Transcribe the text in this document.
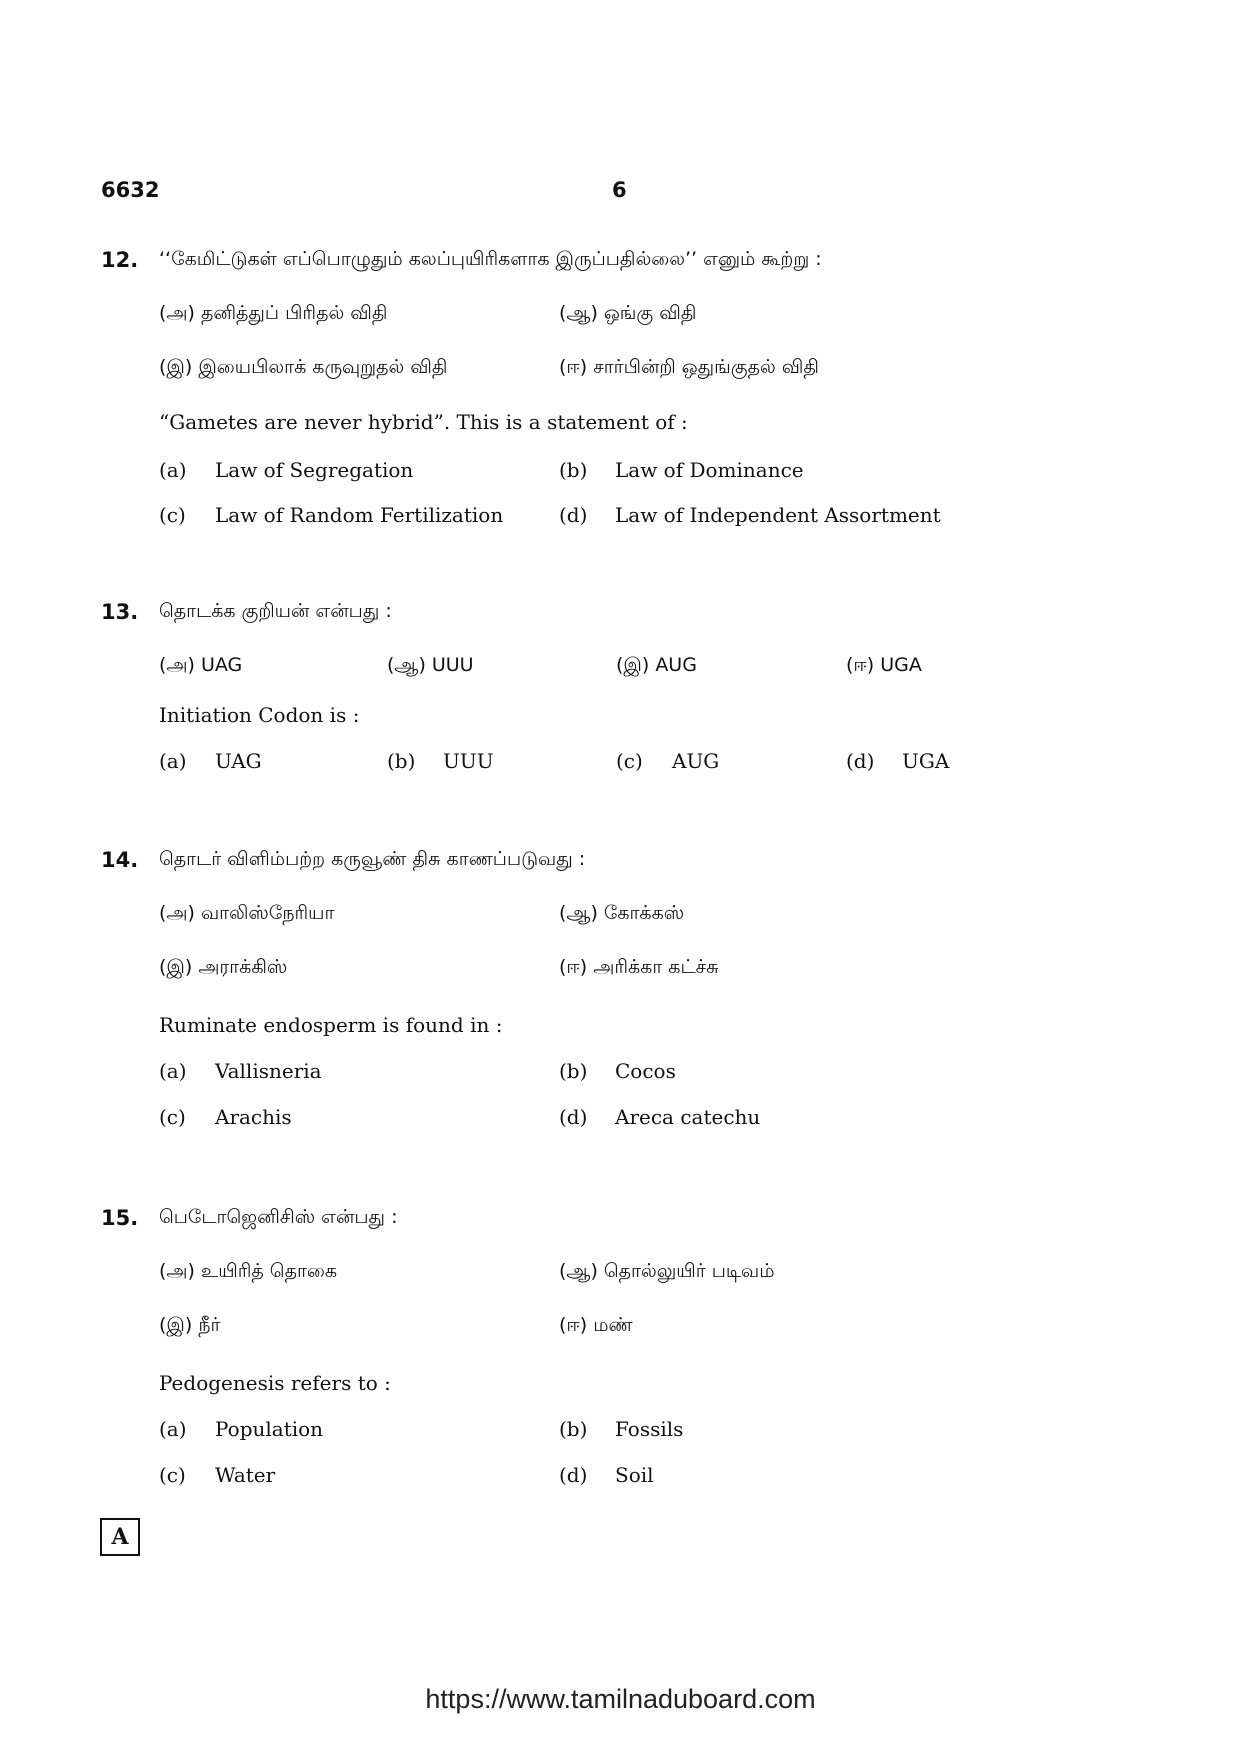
6632	6
12. ‘‘கேமிட்டுகள் எப்பொழுதும் கலப்புயிரிகளாக இருப்பதில்லை’’ எனும் கூற்று :
(அ) தனித்துப் பிரிதல் விதி	(ஆ) ஒங்கு விதி
(இ) இயைபிலாக் கருவுறுதல் விதி	(ஈ) சார்பின்றி ஒதுங்குதல் விதி
“Gametes are never hybrid”. This is a statement of :
(a) Law of Segregation	(b) Law of Dominance
(c) Law of Random Fertilization	(d) Law of Independent Assortment
13. தொடக்க குறியன் என்பது :
(அ) UAG	(ஆ) UUU	(இ) AUG	(ஈ) UGA
Initiation Codon is :
(a) UAG	(b) UUU	(c) AUG	(d) UGA
14. தொடர் விளிம்பற்ற கருவூண் திசு காணப்படுவது :
(அ) வாலிஸ்நேரியா	(ஆ) கோக்கஸ்
(இ) அராக்கிஸ்	(ஈ) அரிக்கா கட்ச்சு
Ruminate endosperm is found in :
(a) Vallisneria	(b) Cocos
(c) Arachis	(d) Areca catechu
15. பெடோஜெனிசிஸ் என்பது :
(அ) உயிரித் தொகை	(ஆ) தொல்லுயிர் படிவம்
(இ) நீர்	(ஈ) மண்
Pedogenesis refers to :
(a) Population	(b) Fossils
(c) Water	(d) Soil
A
https://www.tamilnaduboard.com
